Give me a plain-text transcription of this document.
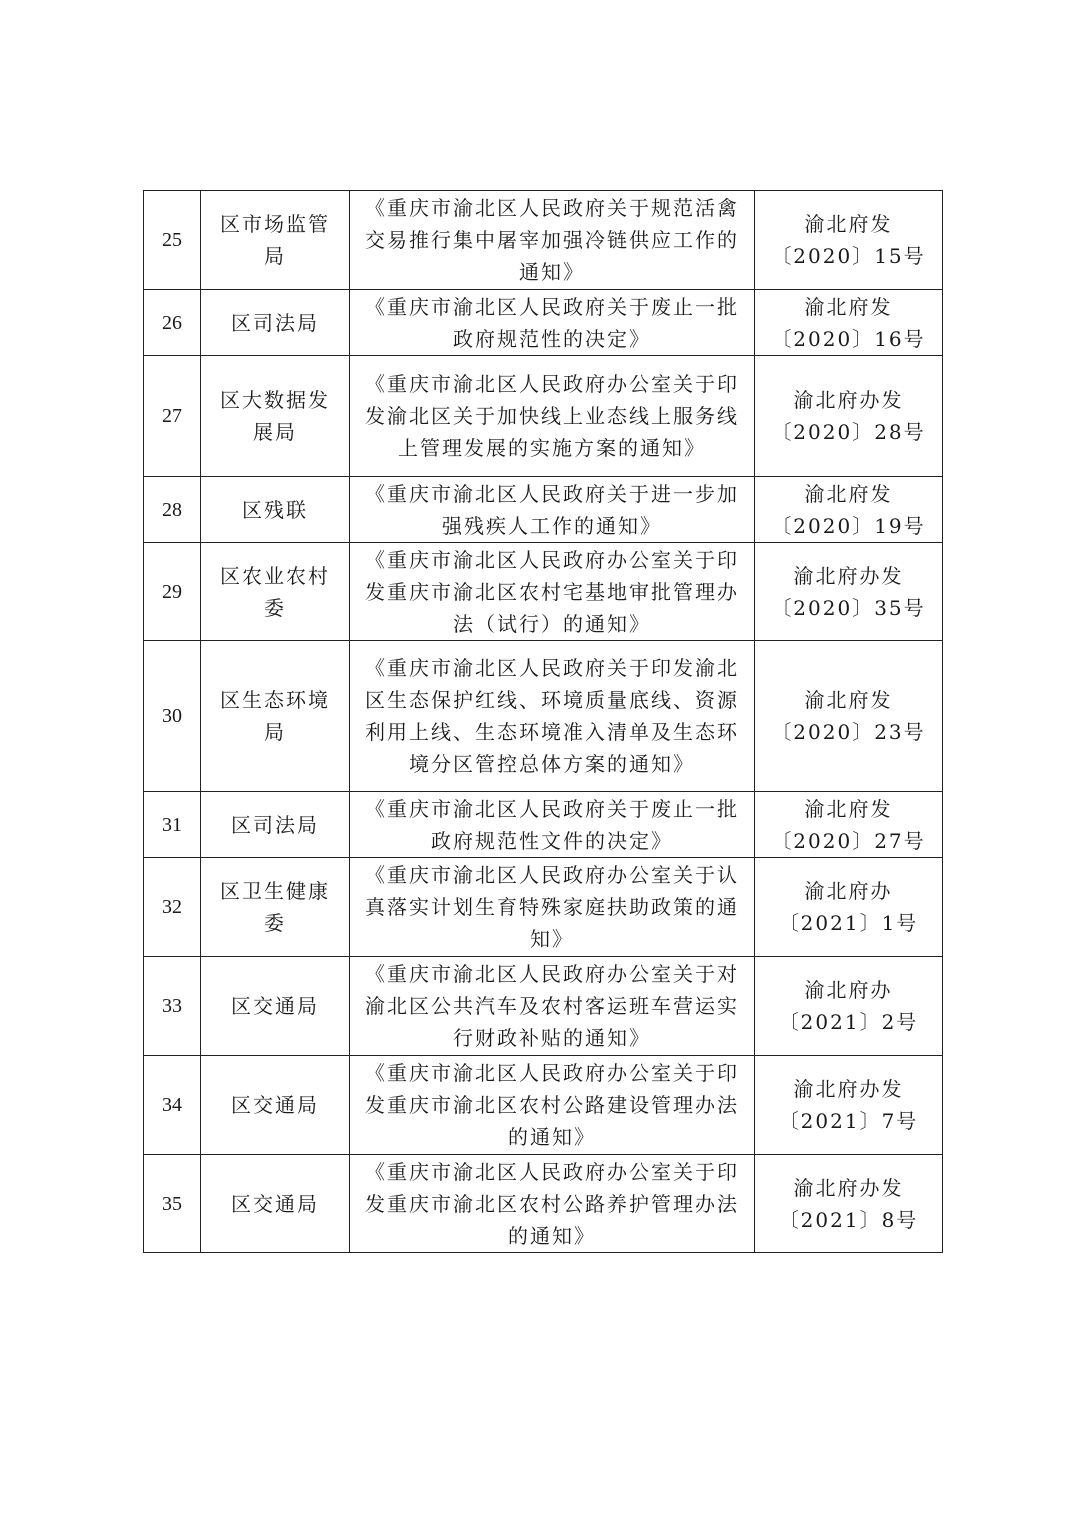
25	区市场监管局	《重庆市渝北区人民政府关于规范活禽交易推行集中屠宰加强冷链供应工作的通知》	渝北府发〔2020〕15号
26	区司法局	《重庆市渝北区人民政府关于废止一批政府规范性的决定》	渝北府发〔2020〕16号
27	区大数据发展局	《重庆市渝北区人民政府办公室关于印发渝北区关于加快线上业态线上服务线上管理发展的实施方案的通知》	渝北府办发〔2020〕28号
28	区残联	《重庆市渝北区人民政府关于进一步加强残疾人工作的通知》	渝北府发〔2020〕19号
29	区农业农村委	《重庆市渝北区人民政府办公室关于印发重庆市渝北区农村宅基地审批管理办法（试行）的通知》	渝北府办发〔2020〕35号
30	区生态环境局	《重庆市渝北区人民政府关于印发渝北区生态保护红线、环境质量底线、资源利用上线、生态环境准入清单及生态环境分区管控总体方案的通知》	渝北府发〔2020〕23号
31	区司法局	《重庆市渝北区人民政府关于废止一批政府规范性文件的决定》	渝北府发〔2020〕27号
32	区卫生健康委	《重庆市渝北区人民政府办公室关于认真落实计划生育特殊家庭扶助政策的通知》	渝北府办〔2021〕1号
33	区交通局	《重庆市渝北区人民政府办公室关于对渝北区公共汽车及农村客运班车营运实行财政补贴的通知》	渝北府办〔2021〕2号
34	区交通局	《重庆市渝北区人民政府办公室关于印发重庆市渝北区农村公路建设管理办法的通知》	渝北府办发〔2021〕7号
35	区交通局	《重庆市渝北区人民政府办公室关于印发重庆市渝北区农村公路养护管理办法的通知》	渝北府办发〔2021〕8号
